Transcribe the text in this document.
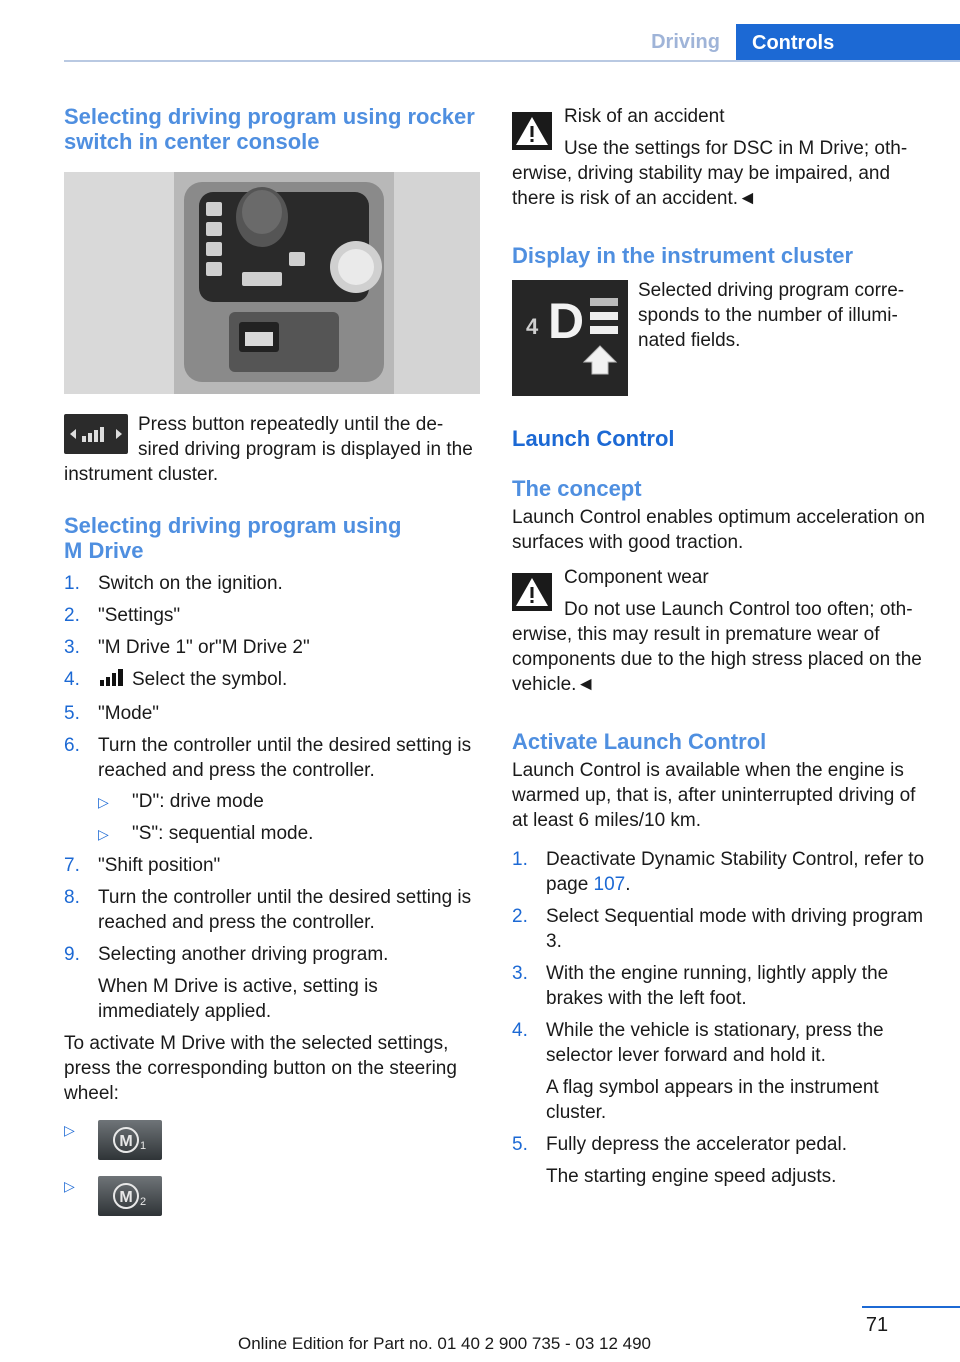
Driving	Controls
Selecting driving program using rocker switch in center console
Press button repeatedly until the de‐
sired driving program is displayed in the
instrument cluster.
Selecting driving program using M Drive
1. Switch on the ignition.
2. "Settings"
3. "M Drive 1" or"M Drive 2"
4.	Select the symbol.
5. "Mode"
6. Turn the controller until the desired setting is reached and press the controller.
▷ "D": drive mode
▷ "S": sequential mode.
7. "Shift position"
8. Turn the controller until the desired setting is reached and press the controller.
9. Selecting another driving program.
When M Drive is active, setting is immediately applied.

To activate M Drive with the selected settings, press the corresponding button on the steering wheel:

▷
M 1
▷
M 2
Risk of an accident
Use the settings for DSC in M Drive; oth‐

erwise, driving stability may be impaired, and there is risk of an accident.◄

Display in the instrument cluster
4 D
Selected driving program corre‐
sponds to the number of illumi‐
nated fields.
Launch Control
The concept

Launch Control enables optimum acceleration on surfaces with good traction.

Component wear
Do not use Launch Control too often; oth‐

erwise, this may result in premature wear of components due to the high stress placed on the vehicle.◄

Activate Launch Control

Launch Control is available when the engine is warmed up, that is, after uninterrupted driving of at least 6 miles/10 km.

1. Deactivate Dynamic Stability Control, refer to page 107.
2. Select Sequential mode with driving program 3.
3. With the engine running, lightly apply the brakes with the left foot.
4. While the vehicle is stationary, press the selector lever forward and hold it.
A flag symbol appears in the instrument cluster.
5. Fully depress the accelerator pedal.
The starting engine speed adjusts.
71
Online Edition for Part no. 01 40 2 900 735 - 03 12 490
